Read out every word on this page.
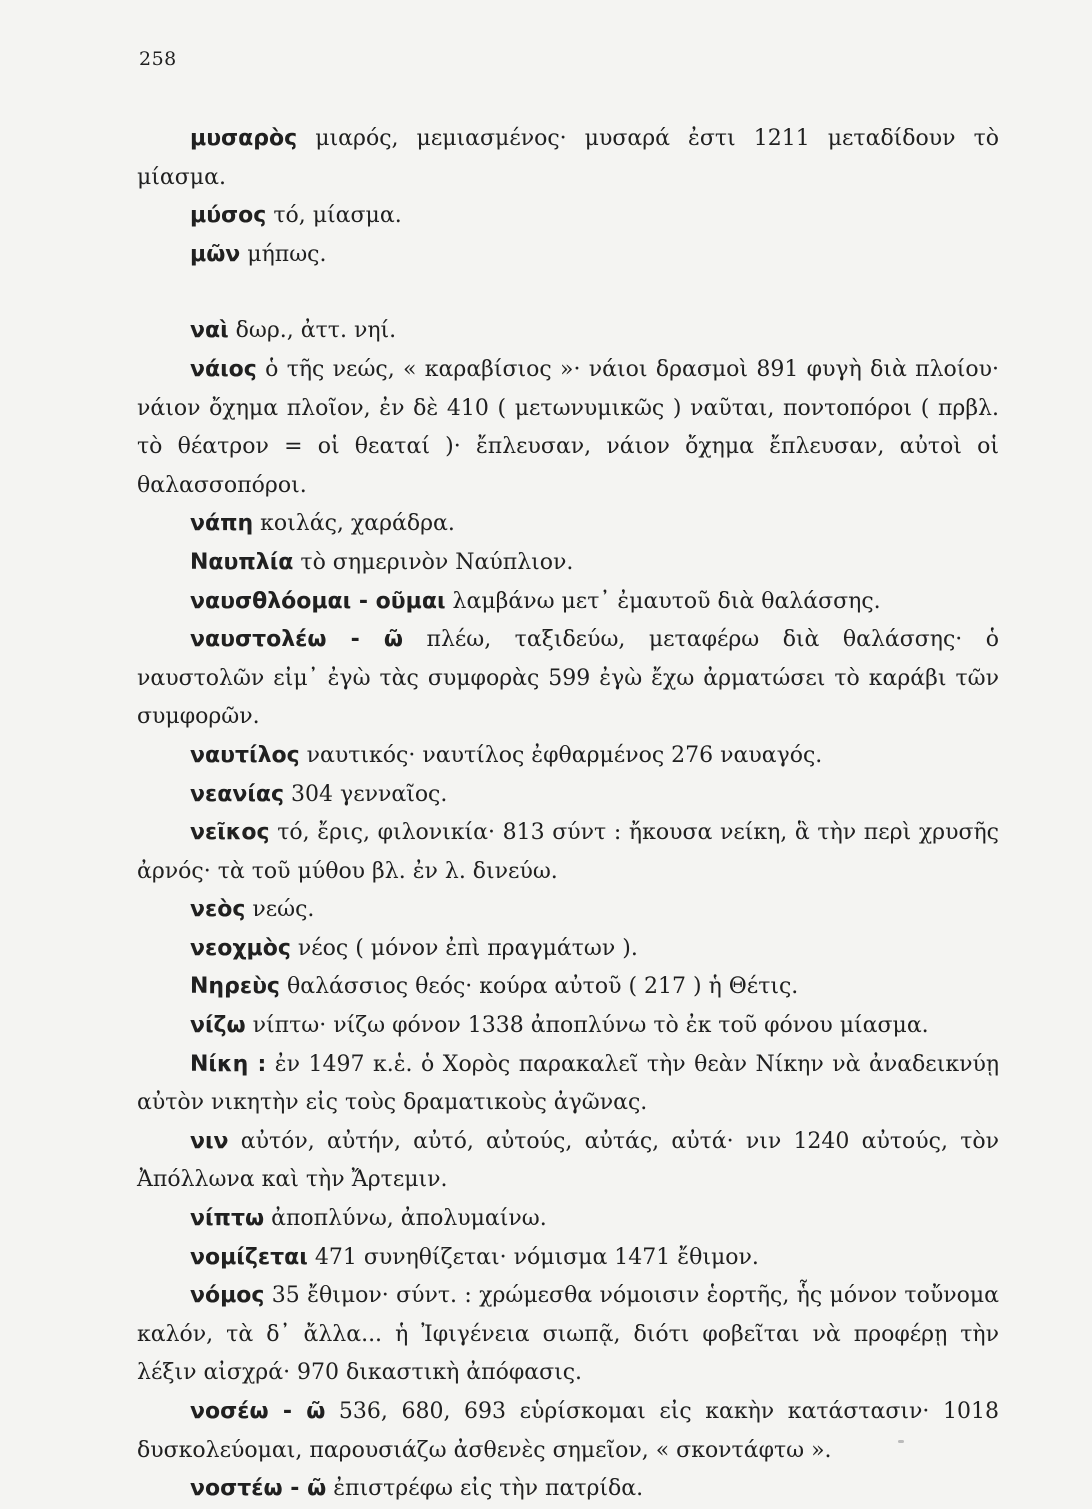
258

μυσαρὸς μιαρός, μεμιασμένος· μυσαρά ἐστι 1211 μεταδίδουν τὸ μίασμα.

μύσος τό, μίασμα.

μῶν μήπως.

ναὶ δωρ., ἀττ. νηί.

νάιος ὁ τῆς νεώς, « καραβίσιος »· νάιοι δρασμοὶ 891 φυγὴ διὰ πλοίου· νάιον ὄχημα πλοῖον, ἐν δὲ 410 ( μετωνυμικῶς ) ναῦται, ποντοπόροι ( πρβλ. τὸ θέατρον = οἱ θεαταί )· ἔπλευσαν, νάιον ὄχημα ἔπλευσαν, αὐτοὶ οἱ θαλασσοπόροι.

νάπη κοιλάς, χαράδρα.

Ναυπλία τὸ σημερινὸν Ναύπλιον.

ναυσθλόομαι - οῦμαι λαμβάνω μετ᾽ ἐμαυτοῦ διὰ θαλάσσης.

ναυστολέω - ῶ πλέω, ταξιδεύω, μεταφέρω διὰ θαλάσσης· ὁ ναυστολῶν εἰμ᾽ ἐγὼ τὰς συμφορὰς 599 ἐγὼ ἔχω ἀρματώσει τὸ καράβι τῶν συμφορῶν.

ναυτίλος ναυτικός· ναυτίλος ἐφθαρμένος 276 ναυαγός.

νεανίας 304 γενναῖος.

νεῖκος τό, ἔρις, φιλονικία· 813 σύντ : ἤκουσα νείκη, ἃ τὴν περὶ χρυσῆς ἀρνός· τὰ τοῦ μύθου βλ. ἐν λ. δινεύω.

νεὸς νεώς.

νεοχμὸς νέος ( μόνον ἐπὶ πραγμάτων ).

Νηρεὺς θαλάσσιος θεός· κούρα αὐτοῦ ( 217 ) ἡ Θέτις.

νίζω νίπτω· νίζω φόνον 1338 ἀποπλύνω τὸ ἐκ τοῦ φόνου μίασμα.

Νίκη : ἐν 1497 κ.ἑ. ὁ Χορὸς παρακαλεῖ τὴν θεὰν Νίκην νὰ ἀναδεικνύῃ αὐτὸν νικητὴν εἰς τοὺς δραματικοὺς ἀγῶνας.

νιν αὐτόν, αὐτήν, αὐτό, αὐτούς, αὐτάς, αὐτά· νιν 1240 αὐτούς, τὸν Ἀπόλλωνα καὶ τὴν Ἄρτεμιν.

νίπτω ἀποπλύνω, ἀπολυμαίνω.

νομίζεται 471 συνηθίζεται· νόμισμα 1471 ἔθιμον.

νόμος 35 ἔθιμον· σύντ. : χρώμεσθα νόμοισιν ἑορτῆς, ἧς μόνον τοὔνομα καλόν, τὰ δ᾽ ἄλλα... ἡ Ἰφιγένεια σιωπᾷ, διότι φοβεῖται νὰ προφέρῃ τὴν λέξιν αἰσχρά· 970 δικαστικὴ ἀπόφασις.

νοσέω - ῶ 536, 680, 693 εὑρίσκομαι εἰς κακὴν κατάστασιν· 1018 δυσκολεύομαι, παρουσιάζω ἀσθενὲς σημεῖον, « σκοντάφτω ».

νοστέω - ῶ ἐπιστρέφω εἰς τὴν πατρίδα.
